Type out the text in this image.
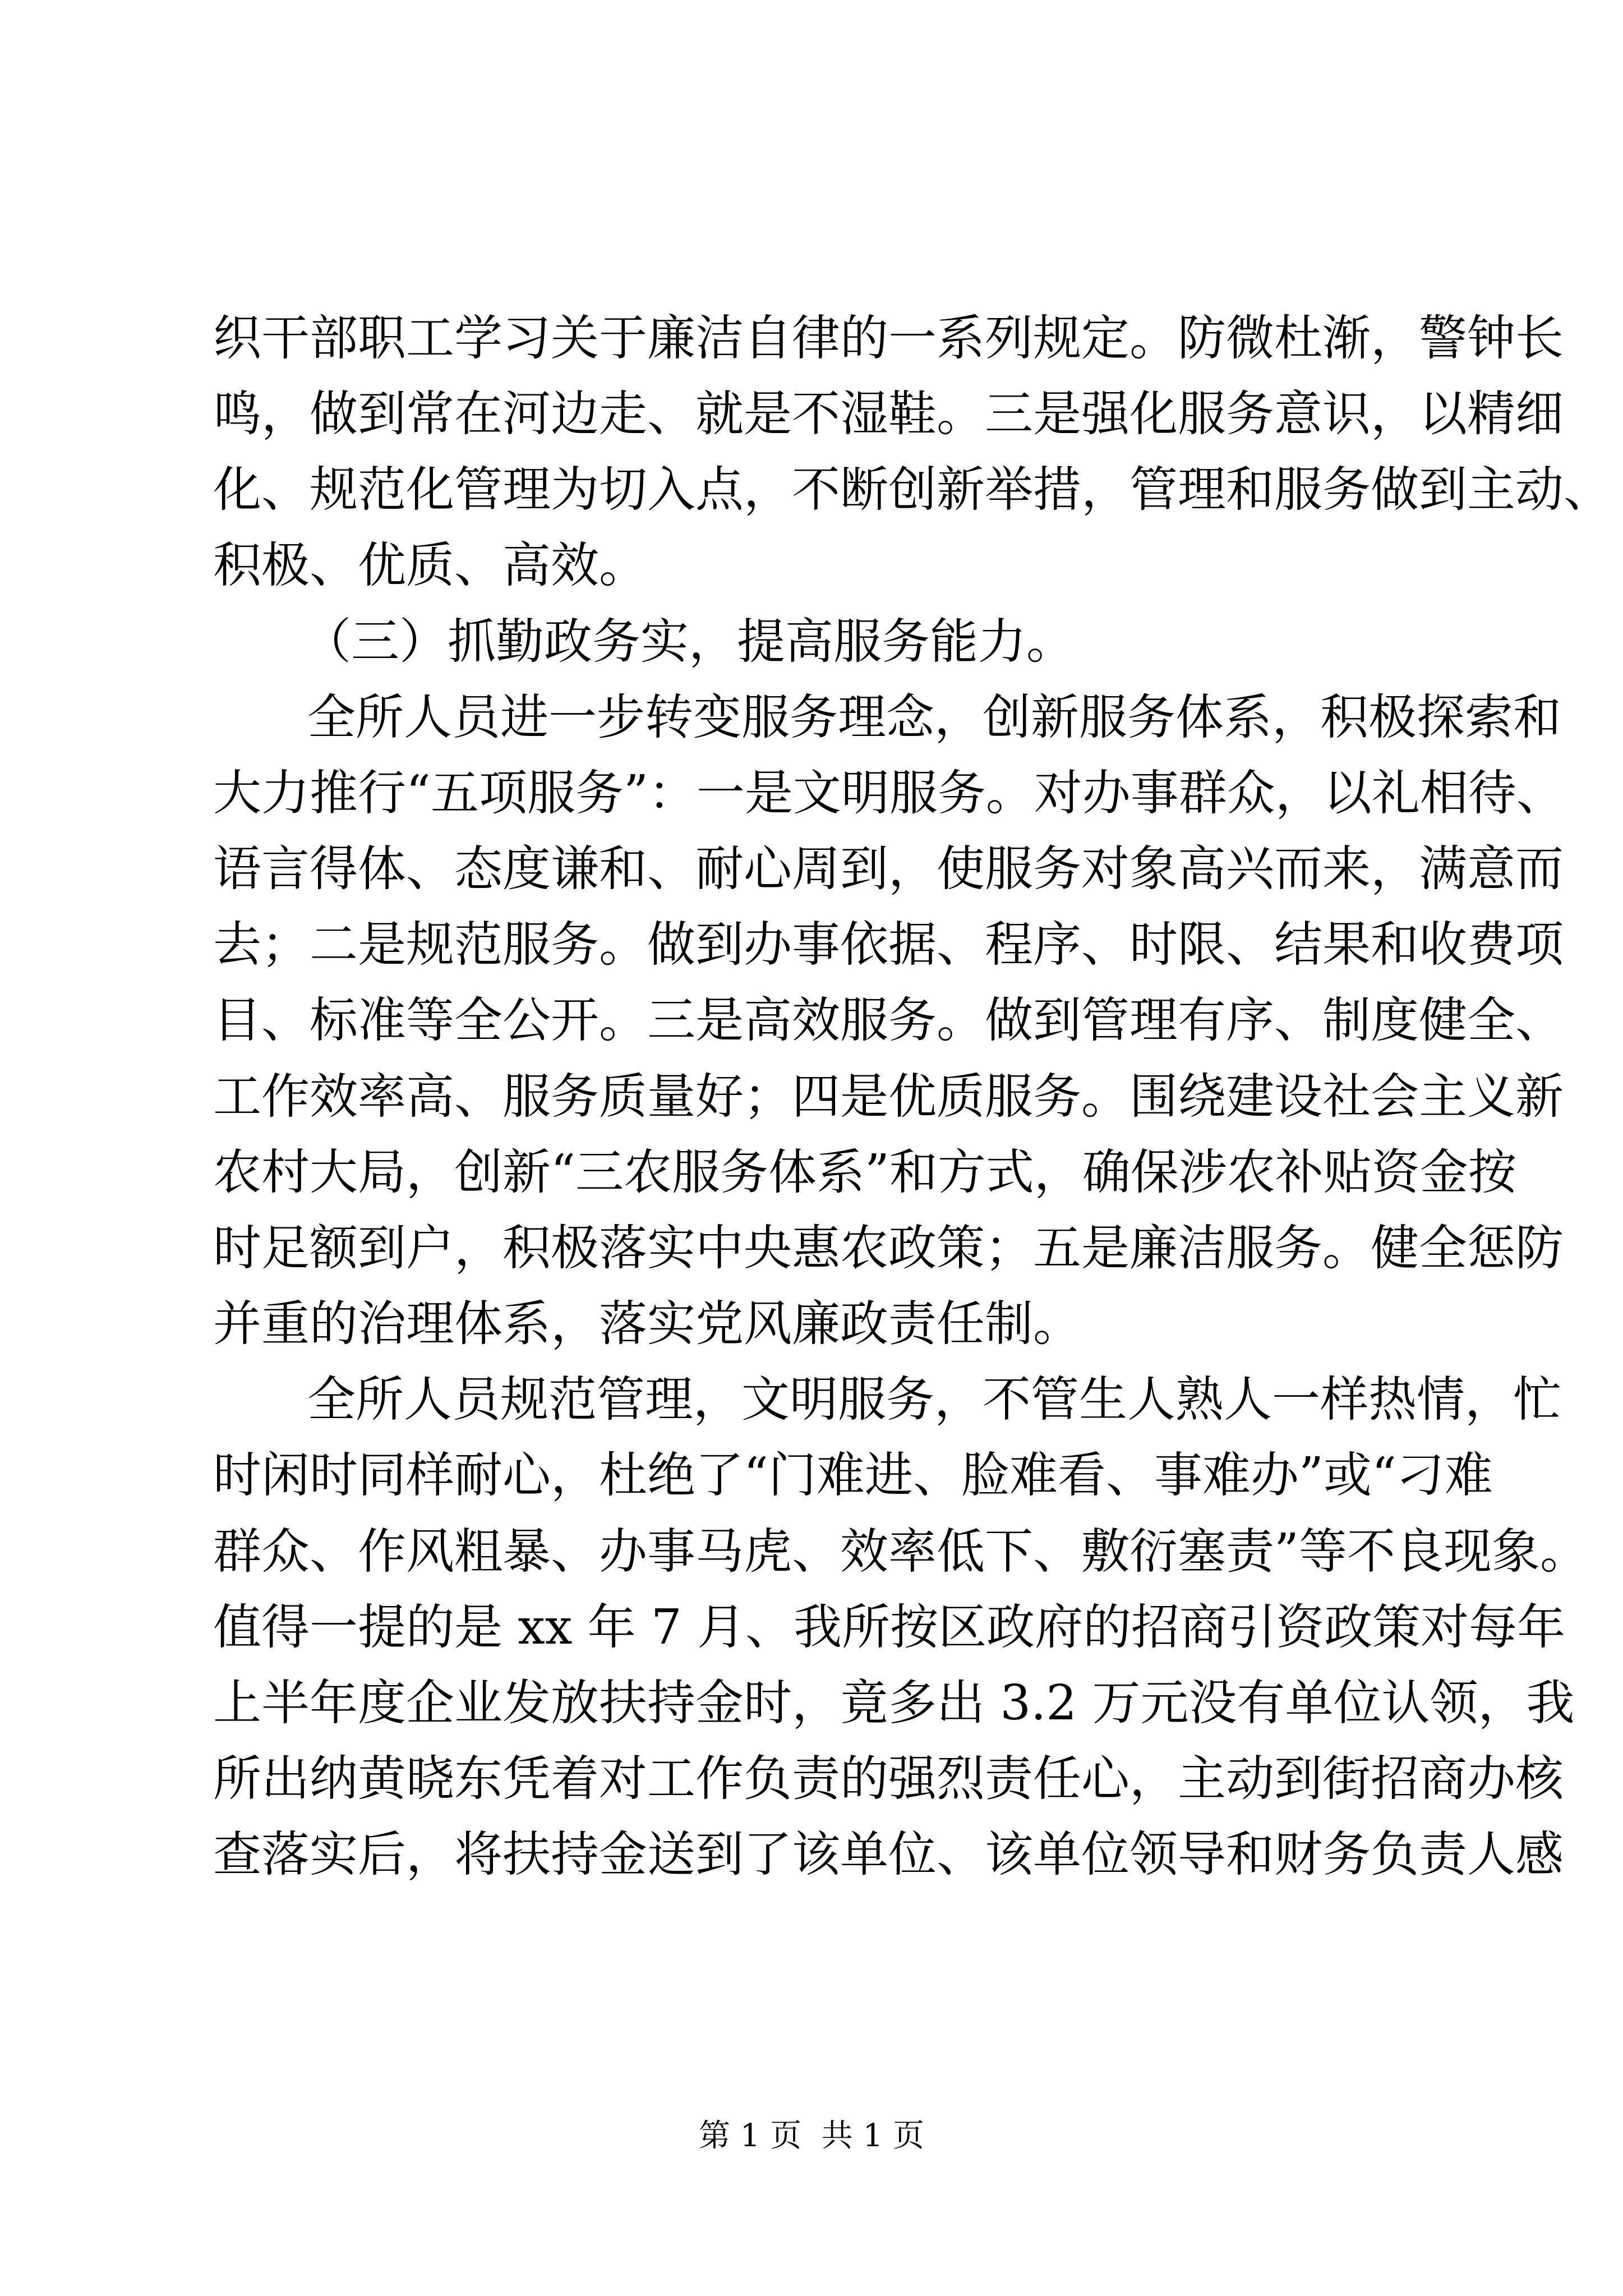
织干部职工学习关于廉洁自律的一系列规定。防微杜渐，警钟长
鸣，做到常在河边走、就是不湿鞋。三是强化服务意识，以精细
化、规范化管理为切入点，不断创新举措，管理和服务做到主动、
积极、优质、高效。
（三）抓勤政务实，提高服务能力。
全所人员进一步转变服务理念，创新服务体系，积极探索和
大力推行“五项服务”：一是文明服务。对办事群众，以礼相待、
语言得体、态度谦和、耐心周到，使服务对象高兴而来，满意而
去；二是规范服务。做到办事依据、程序、时限、结果和收费项
目、标准等全公开。三是高效服务。做到管理有序、制度健全、
工作效率高、服务质量好；四是优质服务。围绕建设社会主义新
农村大局，创新“三农服务体系”和方式，确保涉农补贴资金按
时足额到户，积极落实中央惠农政策；五是廉洁服务。健全惩防
并重的治理体系，落实党风廉政责任制。
全所人员规范管理，文明服务，不管生人熟人一样热情，忙
时闲时同样耐心，杜绝了“门难进、脸难看、事难办”或“刁难
群众、作风粗暴、办事马虎、效率低下、敷衍塞责”等不良现象。
值得一提的是 xx 年 7 月、我所按区政府的招商引资政策对每年
上半年度企业发放扶持金时，竟多出 3.2 万元没有单位认领，我
所出纳黄晓东凭着对工作负责的强烈责任心，主动到街招商办核
查落实后，将扶持金送到了该单位、该单位领导和财务负责人感
第 1 页  共 1 页
